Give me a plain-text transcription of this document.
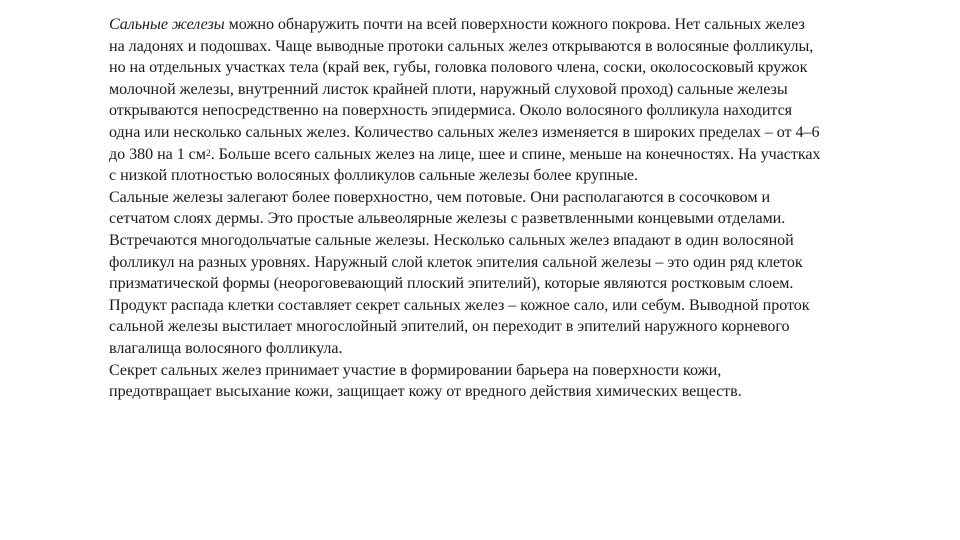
Сальные железы можно обнаружить почти на всей поверхности кожного покрова. Нет сальных желез на ладонях и подошвах. Чаще выводные протоки сальных желез открываются в волосяные фолликулы, но на отдельных участках тела (край век, губы, головка полового члена, соски, околососковый кружок молочной железы, внутренний листок крайней плоти, наружный слуховой проход) сальные железы открываются непосредственно на поверхность эпидермиса. Около волосяного фолликула находится одна или несколько сальных желез. Количество сальных желез изменяется в широких пределах – от 4–6 до 380 на 1 $см^2$. Больше всего сальных желез на лице, шее и спине, меньше на конечностях. На участках с низкой плотностью волосяных фолликулов сальные железы более крупные.

Сальные железы залегают более поверхностно, чем потовые. Они располагаются в сосочковом и сетчатом слоях дермы. Это простые альвеолярные железы с разветвленными концевыми отделами. Встречаются многодольчатые сальные железы. Несколько сальных желез впадают в один волосяной фолликул на разных уровнях. Наружный слой клеток эпителия сальной железы – это один ряд клеток призматической формы (неороговевающий плоский эпителий), которые являются ростковым слоем. Продукт распада клетки составляет секрет сальных желез – кожное сало, или себум. Выводной проток сальной железы выстилает многослойный эпителий, он переходит в эпителий наружного корневого влагалища волосяного фолликула.

Секрет сальных желез принимает участие в формировании барьера на поверхности кожи, предотвращает высыхание кожи, защищает кожу от вредного действия химических веществ.
